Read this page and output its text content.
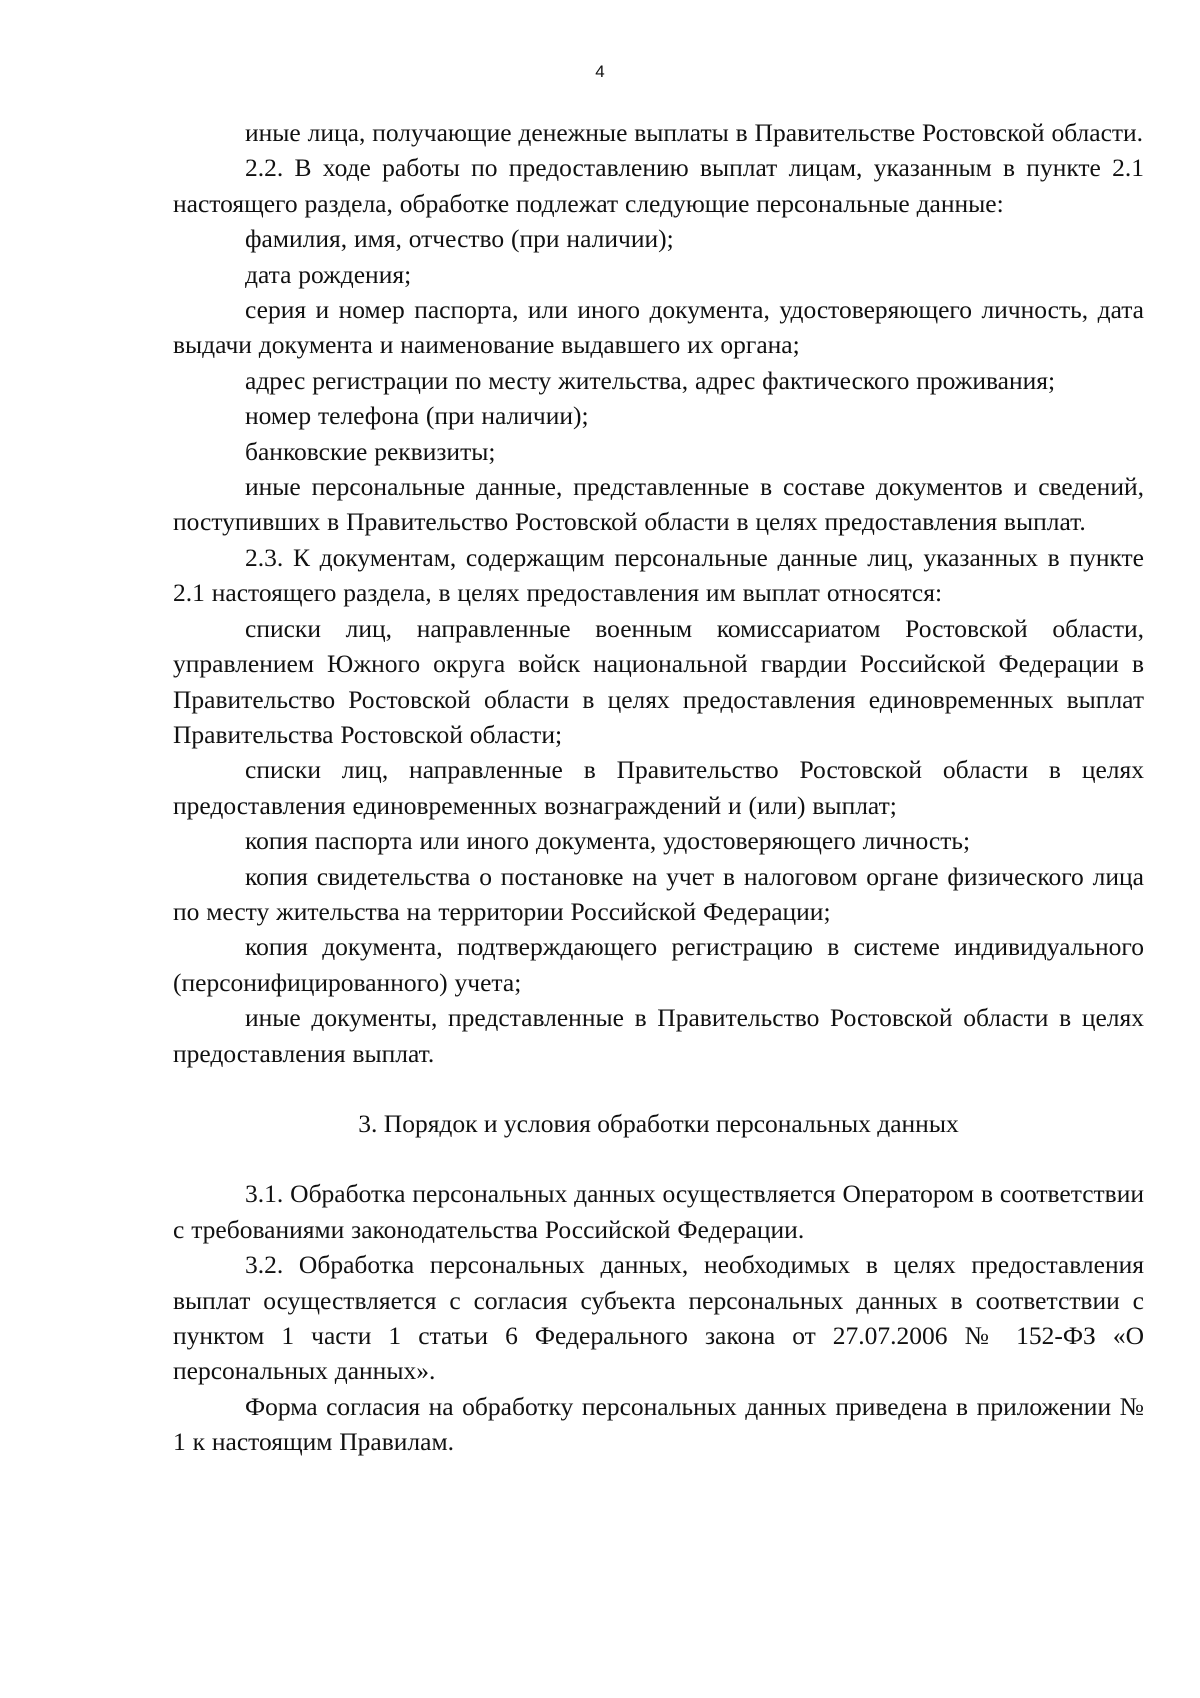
4

иные лица, получающие денежные выплаты в Правительстве Ростовской области.

2.2. В ходе работы по предоставлению выплат лицам, указанным в пункте 2.1 настоящего раздела, обработке подлежат следующие персональные данные:

фамилия, имя, отчество (при наличии);

дата рождения;

серия и номер паспорта, или иного документа, удостоверяющего личность, дата выдачи документа и наименование выдавшего их органа;

адрес регистрации по месту жительства, адрес фактического проживания;

номер телефона (при наличии);

банковские реквизиты;

иные персональные данные, представленные в составе документов и сведений, поступивших в Правительство Ростовской области в целях предоставления выплат.

2.3. К документам, содержащим персональные данные лиц, указанных в пункте 2.1 настоящего раздела, в целях предоставления им выплат относятся:

списки лиц, направленные военным комиссариатом Ростовской области, управлением Южного округа войск национальной гвардии Российской Федерации в Правительство Ростовской области в целях предоставления единовременных выплат Правительства Ростовской области;

списки лиц, направленные в Правительство Ростовской области в целях предоставления единовременных вознаграждений и (или) выплат;

копия паспорта или иного документа, удостоверяющего личность;

копия свидетельства о постановке на учет в налоговом органе физического лица по месту жительства на территории Российской Федерации;

копия документа, подтверждающего регистрацию в системе индивидуального (персонифицированного) учета;

иные документы, представленные в Правительство Ростовской области в целях предоставления выплат.

3. Порядок и условия обработки персональных данных

3.1. Обработка персональных данных осуществляется Оператором в соответствии с требованиями законодательства Российской Федерации.

3.2. Обработка персональных данных, необходимых в целях предоставления выплат осуществляется с согласия субъекта персональных данных в соответствии с пунктом 1 части 1 статьи 6 Федерального закона от 27.07.2006 № 152-ФЗ «О персональных данных».

Форма согласия на обработку персональных данных приведена в приложении № 1 к настоящим Правилам.
